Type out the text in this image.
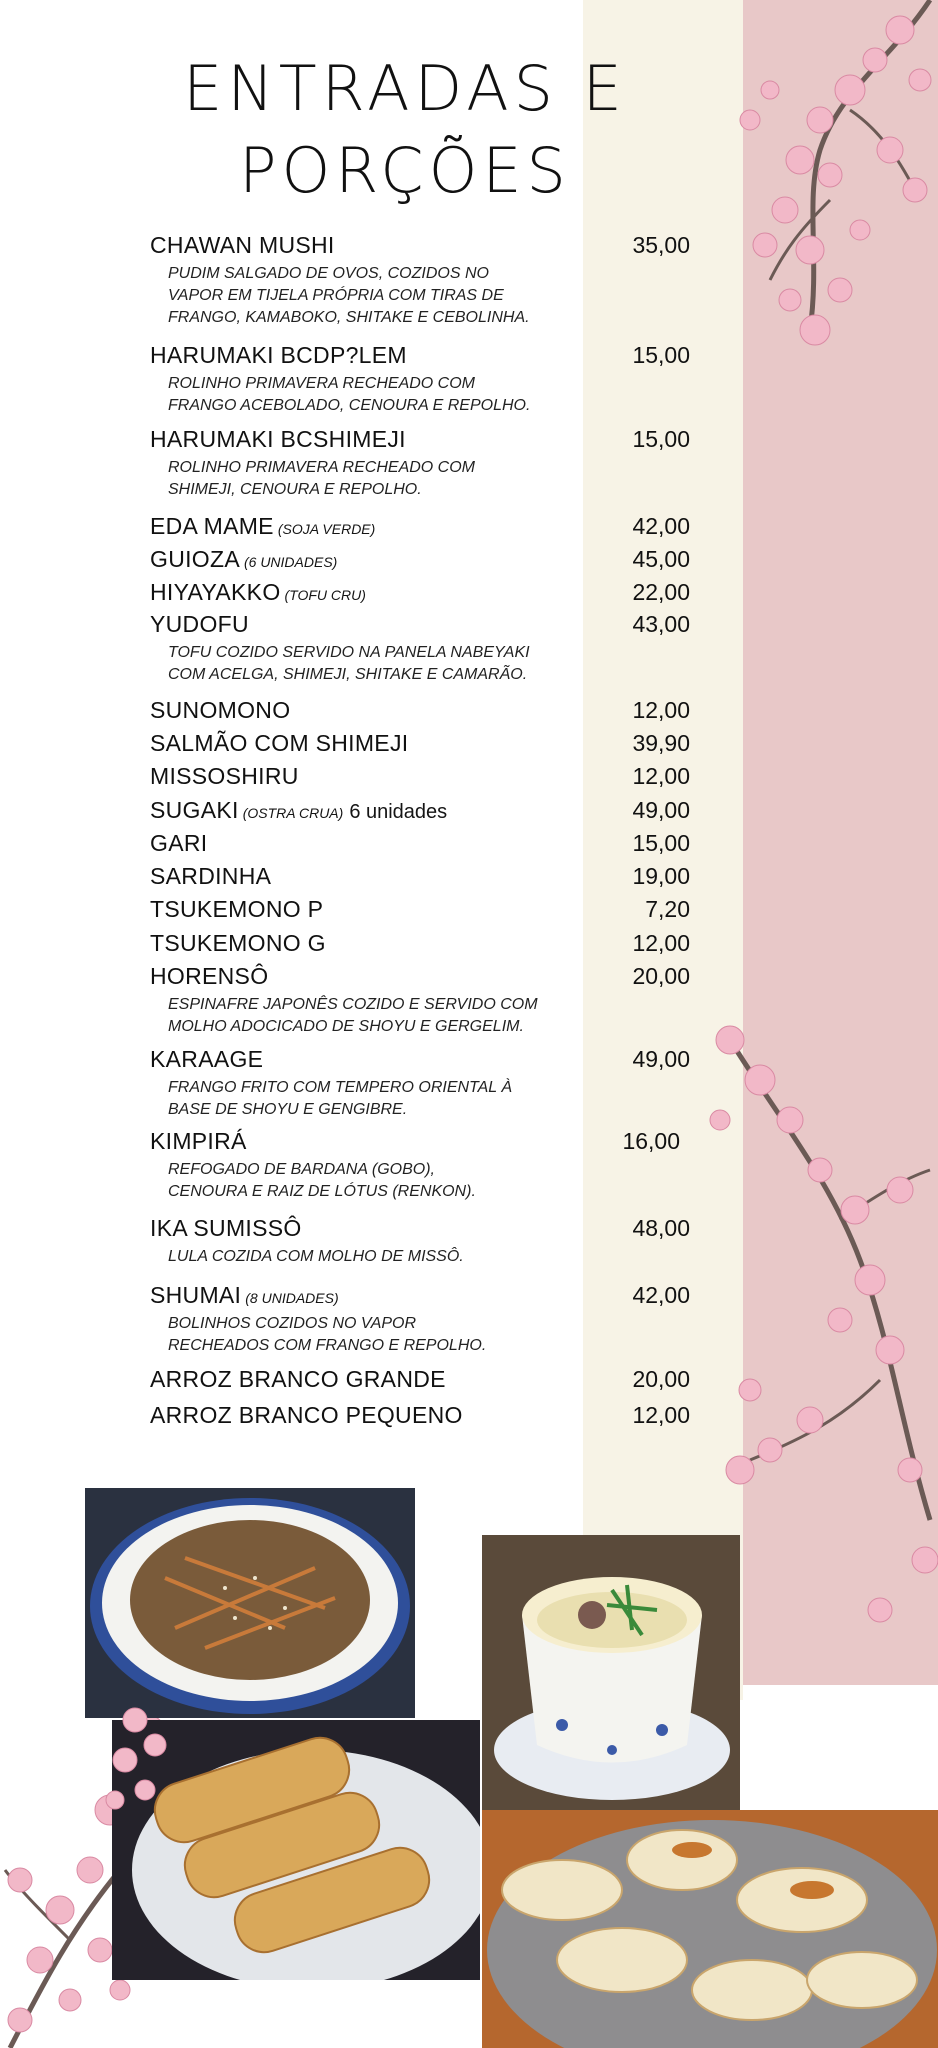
ENTRADAS E
PORÇÕES
CHAWAN MUSHI	35,00
PUDIM SALGADO DE OVOS, COZIDOS NO
VAPOR EM TIJELA PRÓPRIA COM TIRAS DE
FRANGO, KAMABOKO, SHITAKE E CEBOLINHA.
HARUMAKI BCDP?LEM	15,00
ROLINHO PRIMAVERA RECHEADO COM
FRANGO ACEBOLADO, CENOURA E REPOLHO.
HARUMAKI BCSHIMEJI	15,00
ROLINHO PRIMAVERA RECHEADO COM
SHIMEJI, CENOURA E REPOLHO.
EDA MAME (SOJA VERDE)	42,00
GUIOZA (6 UNIDADES)	45,00
HIYAYAKKO (TOFU CRU)	22,00
YUDOFU	43,00
TOFU COZIDO SERVIDO NA PANELA NABEYAKI
COM ACELGA, SHIMEJI, SHITAKE E CAMARÃO.
SUNOMONO	12,00
SALMÃO COM SHIMEJI	39,90
MISSOSHIRU	12,00
SUGAKI (OSTRA CRUA) 6 unidades	49,00
GARI	15,00
SARDINHA	19,00
TSUKEMONO P	7,20
TSUKEMONO G	12,00
HORENSÔ	20,00
ESPINAFRE JAPONÊS COZIDO E SERVIDO COM
MOLHO ADOCICADO DE SHOYU E GERGELIM.
KARAAGE	49,00
FRANGO FRITO COM TEMPERO ORIENTAL À
BASE DE SHOYU E GENGIBRE.
KIMPIRÁ	16,00
REFOGADO DE BARDANA (GOBO),
CENOURA E RAIZ DE LÓTUS (RENKON).
IKA SUMISSÔ	48,00
LULA COZIDA COM MOLHO DE MISSÔ.
SHUMAI (8 UNIDADES)	42,00
BOLINHOS COZIDOS NO VAPOR
RECHEADOS COM FRANGO E REPOLHO.
ARROZ BRANCO GRANDE	20,00
ARROZ BRANCO PEQUENO	12,00
